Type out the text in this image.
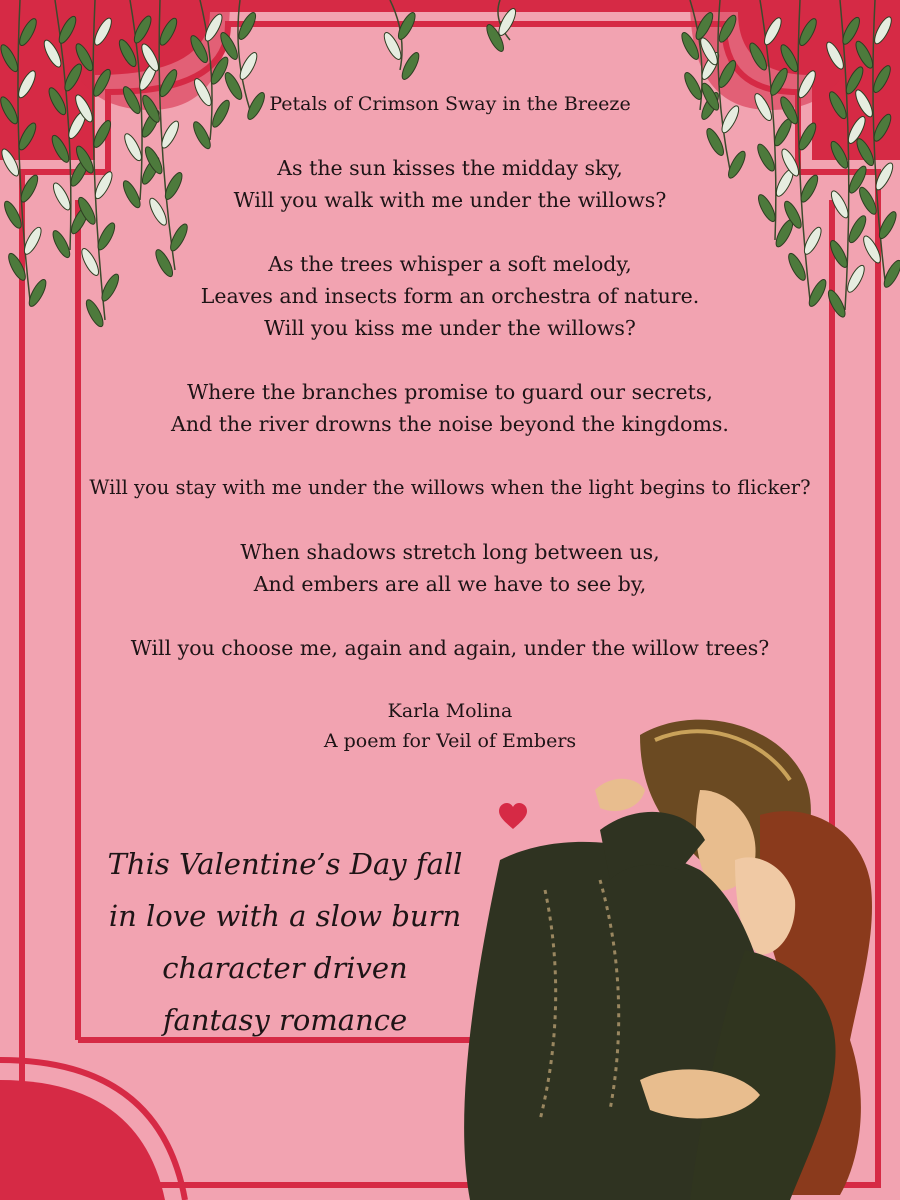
Petals of Crimson Sway in the Breeze
As the sun kisses the midday sky,
Will you walk with me under the willows?
As the trees whisper a soft melody,
Leaves and insects form an orchestra of nature.
Will you kiss me under the willows?
Where the branches promise to guard our secrets,
And the river drowns the noise beyond the kingdoms.
Will you stay with me under the willows when the light begins to flicker?
When shadows stretch long between us,
And embers are all we have to see by,
Will you choose me, again and again, under the willow trees?
Karla Molina
A poem for Veil of Embers
This Valentine’s Day fall
in love with a slow burn
character driven
fantasy romance
